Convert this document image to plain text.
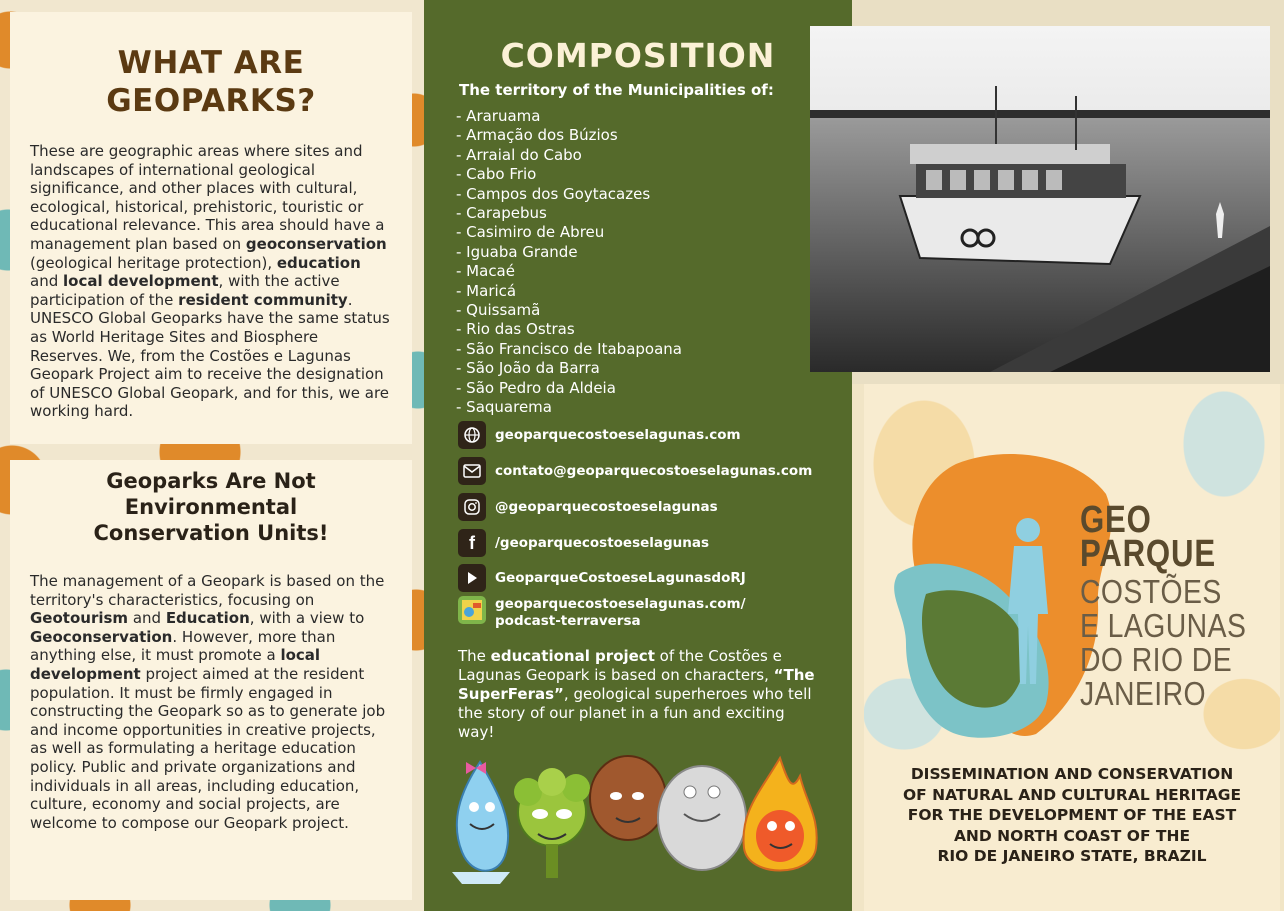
WHAT ARE
GEOPARKS?
These are geographic areas where sites and landscapes of international geological significance, and other places with cultural, ecological, historical, prehistoric, touristic or educational relevance. This area should have a management plan based on geoconservation (geological heritage protection), education and local development, with the active participation of the resident community. UNESCO Global Geoparks have the same status as World Heritage Sites and Biosphere Reserves. We, from the Costões e Lagunas Geopark Project aim to receive the designation of UNESCO Global Geopark, and for this, we are working hard.
Geoparks Are Not
Environmental
Conservation Units!
The management of a Geopark is based on the territory's characteristics, focusing on Geotourism and Education, with a view to Geoconservation. However, more than anything else, it must promote a local development project aimed at the resident population. It must be firmly engaged in constructing the Geopark so as to generate job and income opportunities in creative projects, as well as formulating a heritage education policy. Public and private organizations and individuals in all areas, including education, culture, economy and social projects, are welcome to compose our Geopark project.
COMPOSITION
The territory of the Municipalities of:
- Araruama
- Armação dos Búzios
- Arraial do Cabo
- Cabo Frio
- Campos dos Goytacazes
- Carapebus
- Casimiro de Abreu
- Iguaba Grande
- Macaé
- Maricá
- Quissamã
- Rio das Ostras
- São Francisco de Itabapoana
- São João da Barra
- São Pedro da Aldeia
- Saquarema
geoparquecostoeselagunas.com
contato@geoparquecostoeselagunas.com
@geoparquecostoeselagunas
f	/geoparquecostoeselagunas
GeoparqueCostoeseLagunasdoRJ
geoparquecostoeselagunas.com/
podcast-terraversa
The educational project of the Costões e Lagunas Geopark is based on characters, “The SuperFeras”, geological superheroes who tell the story of our planet in a fun and exciting way!
GEO
PARQUE
COSTÕES
E LAGUNAS
DO RIO DE
JANEIRO
DISSEMINATION AND CONSERVATION
OF NATURAL AND CULTURAL HERITAGE
FOR THE DEVELOPMENT OF THE EAST
AND NORTH COAST OF THE
RIO DE JANEIRO STATE, BRAZIL
